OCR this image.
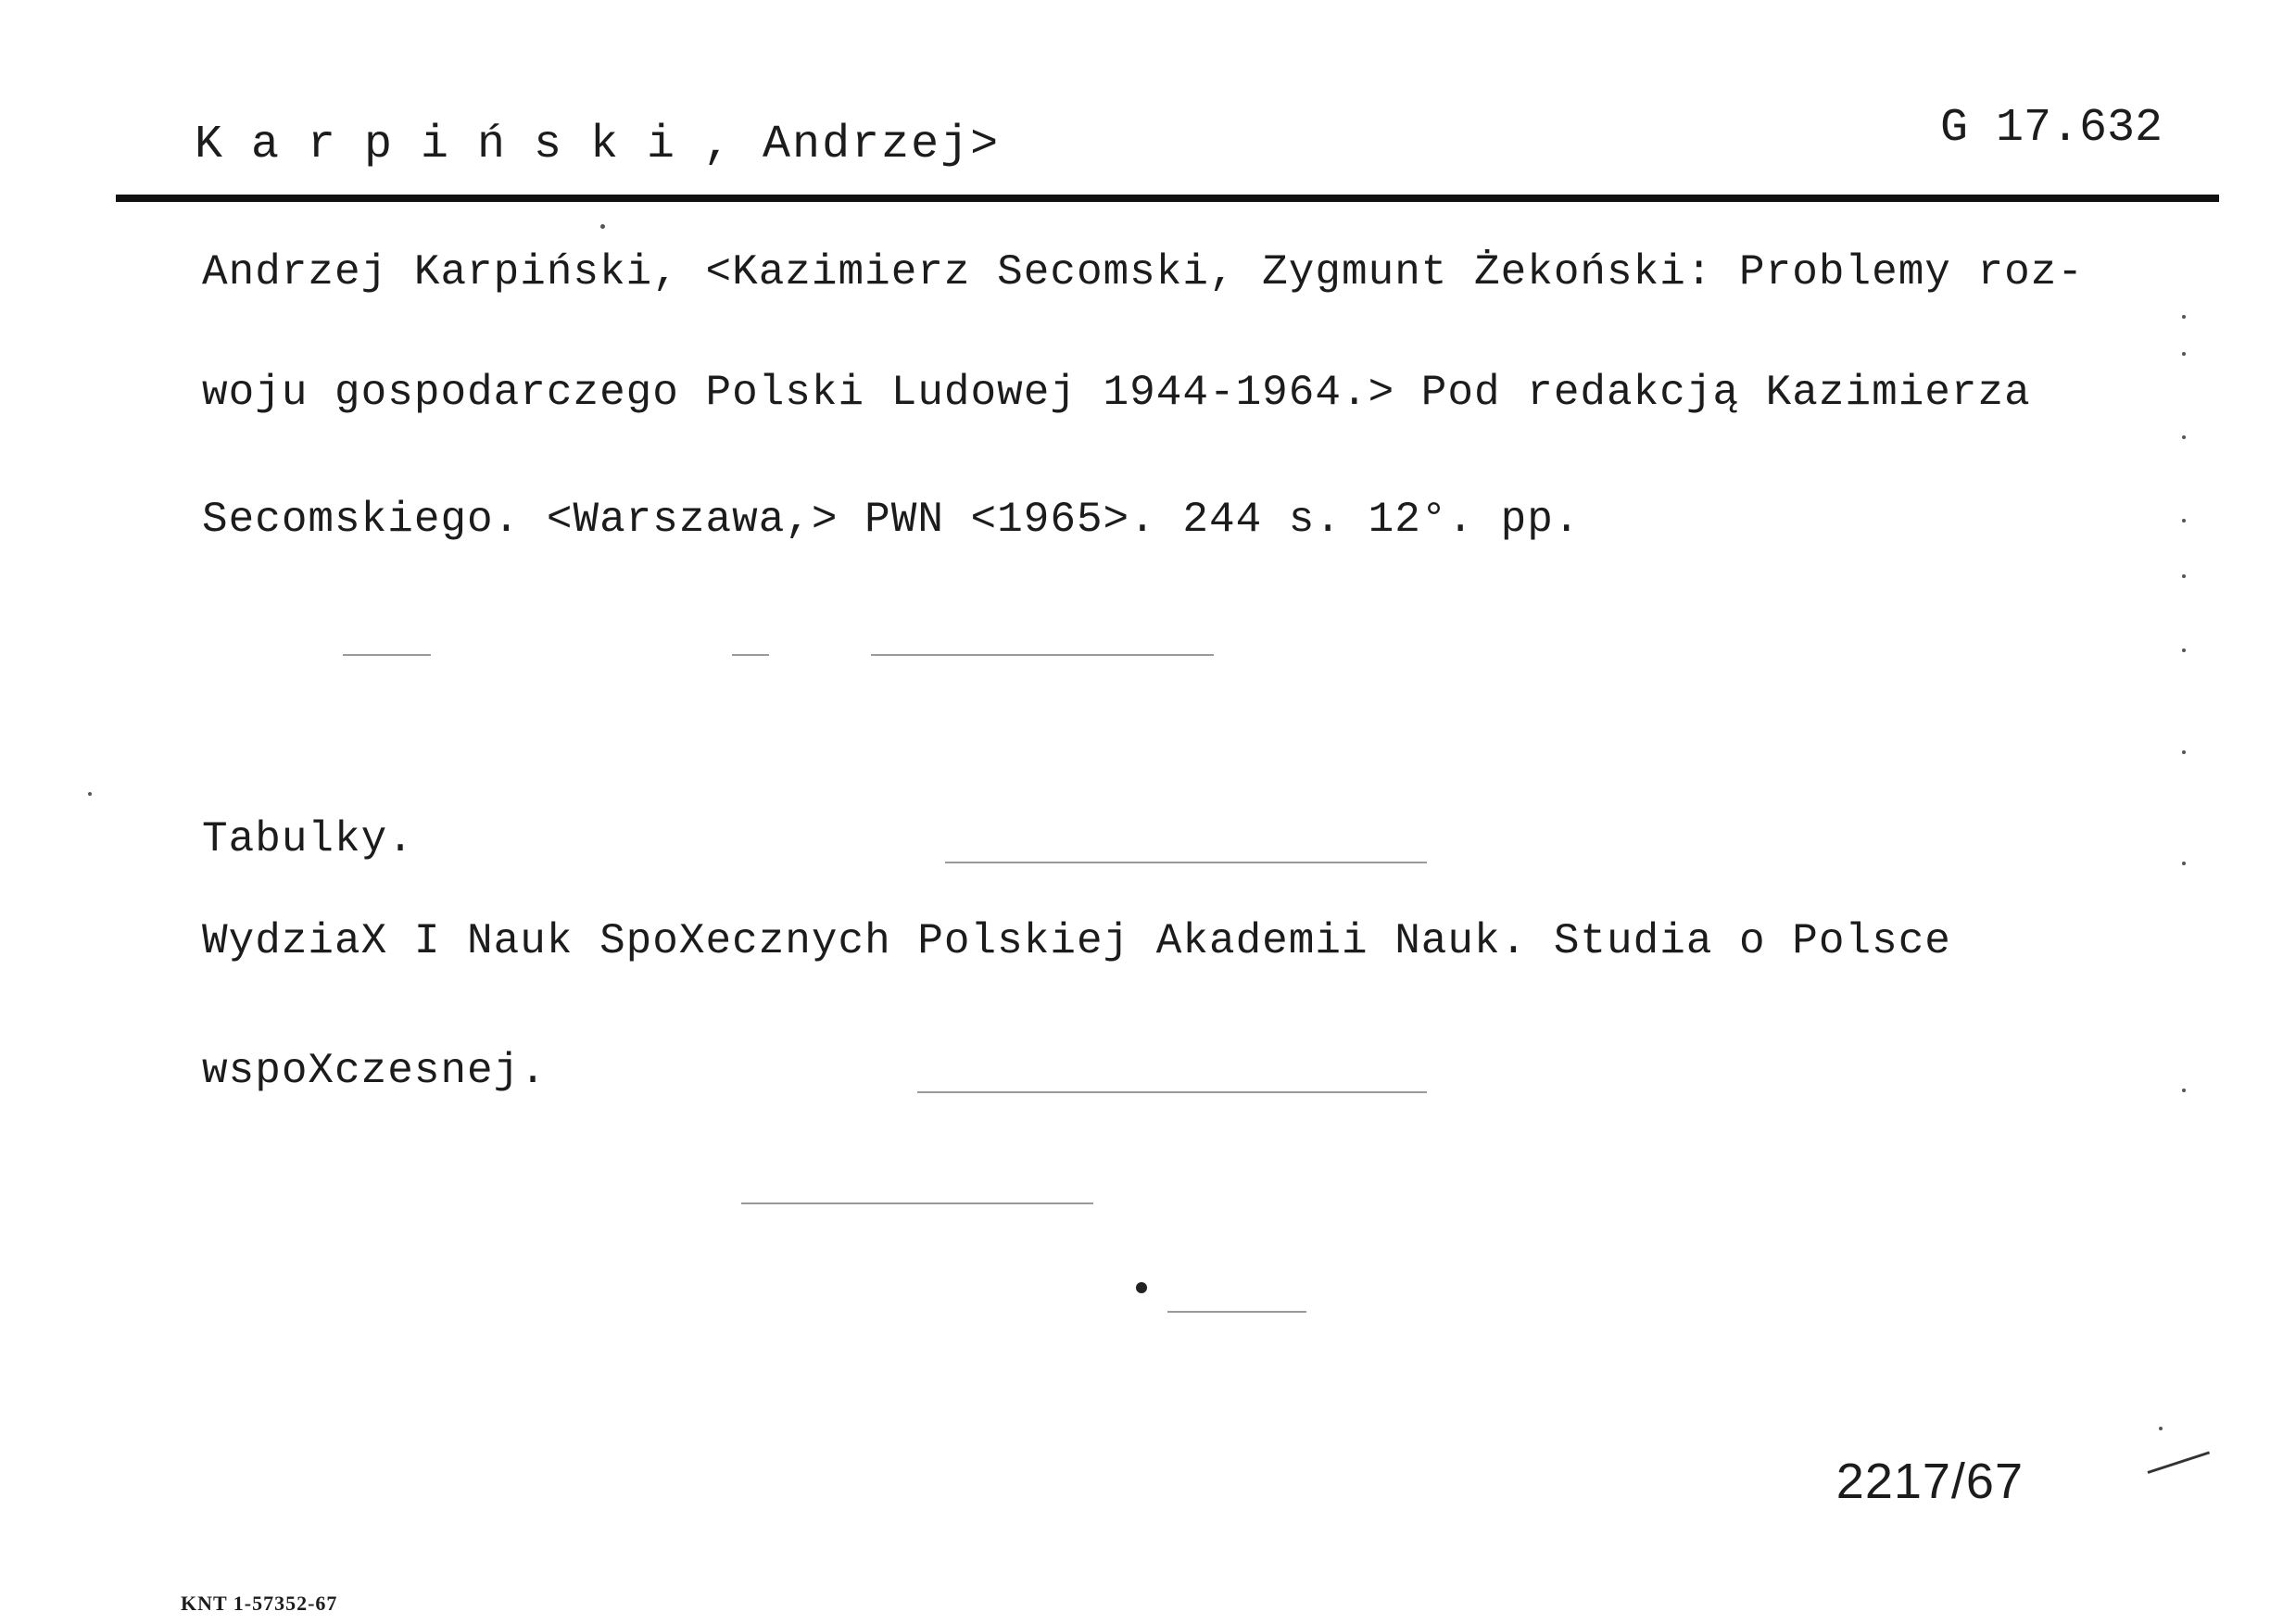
Karpiński, Andrzej>	G 17.632
Andrzej Karpiński, <Kazimierz Secomski, Zygmunt Żekoński: Problemy roz-
woju gospodarczego Polski Ludowej 1944-1964.> Pod redakcją Kazimierza
Secomskiego. <Warszawa,> PWN <1965>. 244 s. 12°. pp.
Tabulky.
WydziaX I Nauk SpoXecznych Polskiej Akademii Nauk. Studia o Polsce
wspoXczesnej.
2217/67
KNT 1-57352-67
